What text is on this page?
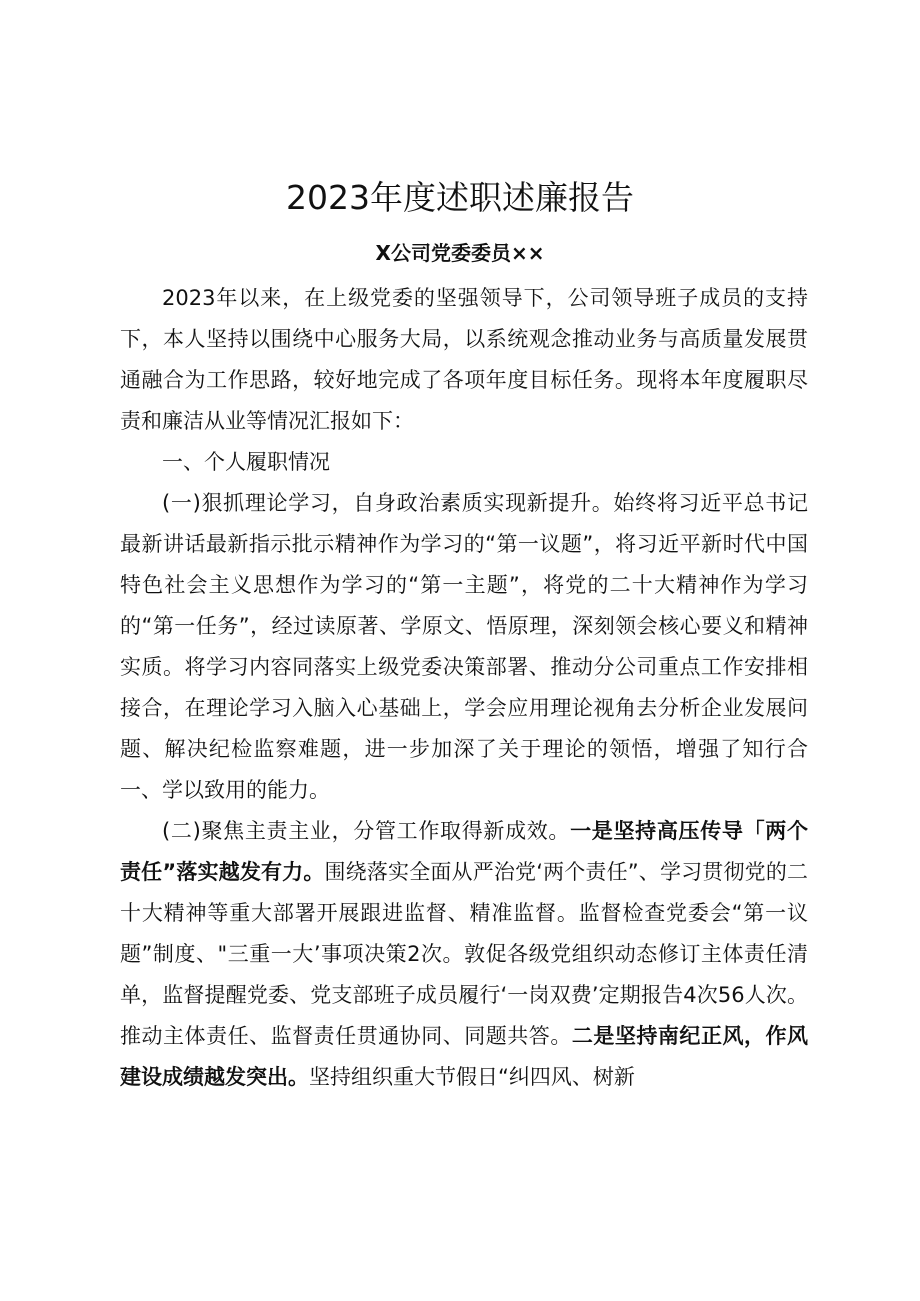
2023年度述职述廉报告
X公司党委委员××

2023年以来，在上级党委的坚强领导下，公司领导班子成员的支持下，本人坚持以围绕中心服务大局，以系统观念推动业务与高质量发展贯通融合为工作思路，较好地完成了各项年度目标任务。现将本年度履职尽责和廉洁从业等情况汇报如下：

一、个人履职情况

(一)狠抓理论学习，自身政治素质实现新提升。始终将习近平总书记最新讲话最新指示批示精神作为学习的“第一议题”，将习近平新时代中国特色社会主义思想作为学习的“第一主题”，将党的二十大精神作为学习的“第一任务”，经过读原著、学原文、悟原理，深刻领会核心要义和精神实质。将学习内容同落实上级党委决策部署、推动分公司重点工作安排相接合，在理论学习入脑入心基础上，学会应用理论视角去分析企业发展问题、解决纪检监察难题，进一步加深了关于理论的领悟，增强了知行合一、学以致用的能力。

(二)聚焦主责主业，分管工作取得新成效。一是坚持高压传导「两个责任”落实越发有力。围绕落实全面从严治党‘两个责任”、学习贯彻党的二十大精神等重大部署开展跟进监督、精准监督。监督检查党委会“第一议题”制度、"三重一大’事项决策2次。敦促各级党组织动态修订主体责任清单，监督提醒党委、党支部班子成员履行‘一岗双费’定期报告4次56人次。推动主体责任、监督责任贯通协同、同题共答。二是坚持南纪正风，作风建设成绩越发突出。坚持组织重大节假日“纠四风、树新
